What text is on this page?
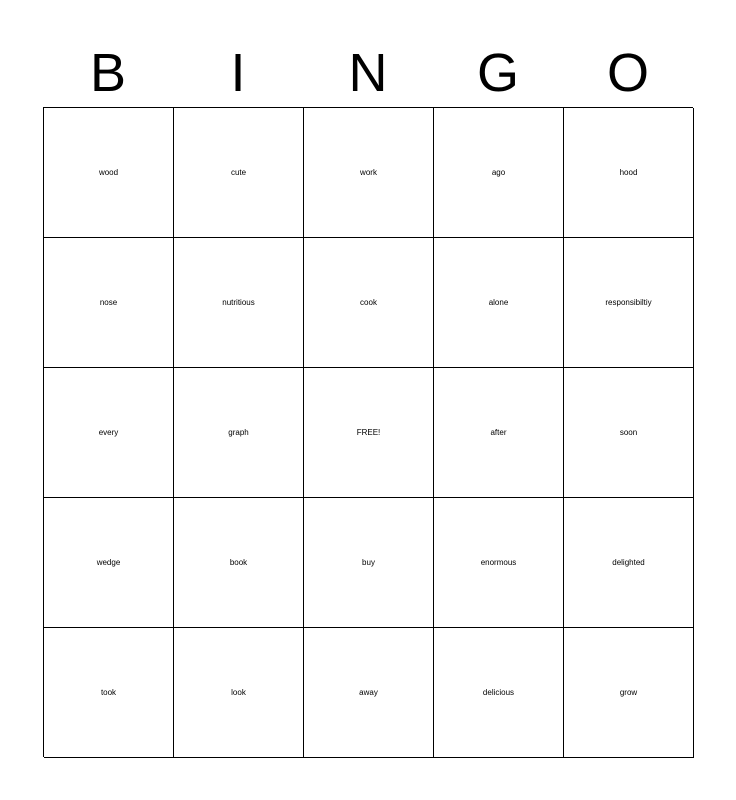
B	I	N	G	O
wood	cute	work	ago	hood
nose	nutritious	cook	alone	responsibiltiy
every	graph	FREE!	after	soon
wedge	book	buy	enormous	delighted
took	look	away	delicious	grow
